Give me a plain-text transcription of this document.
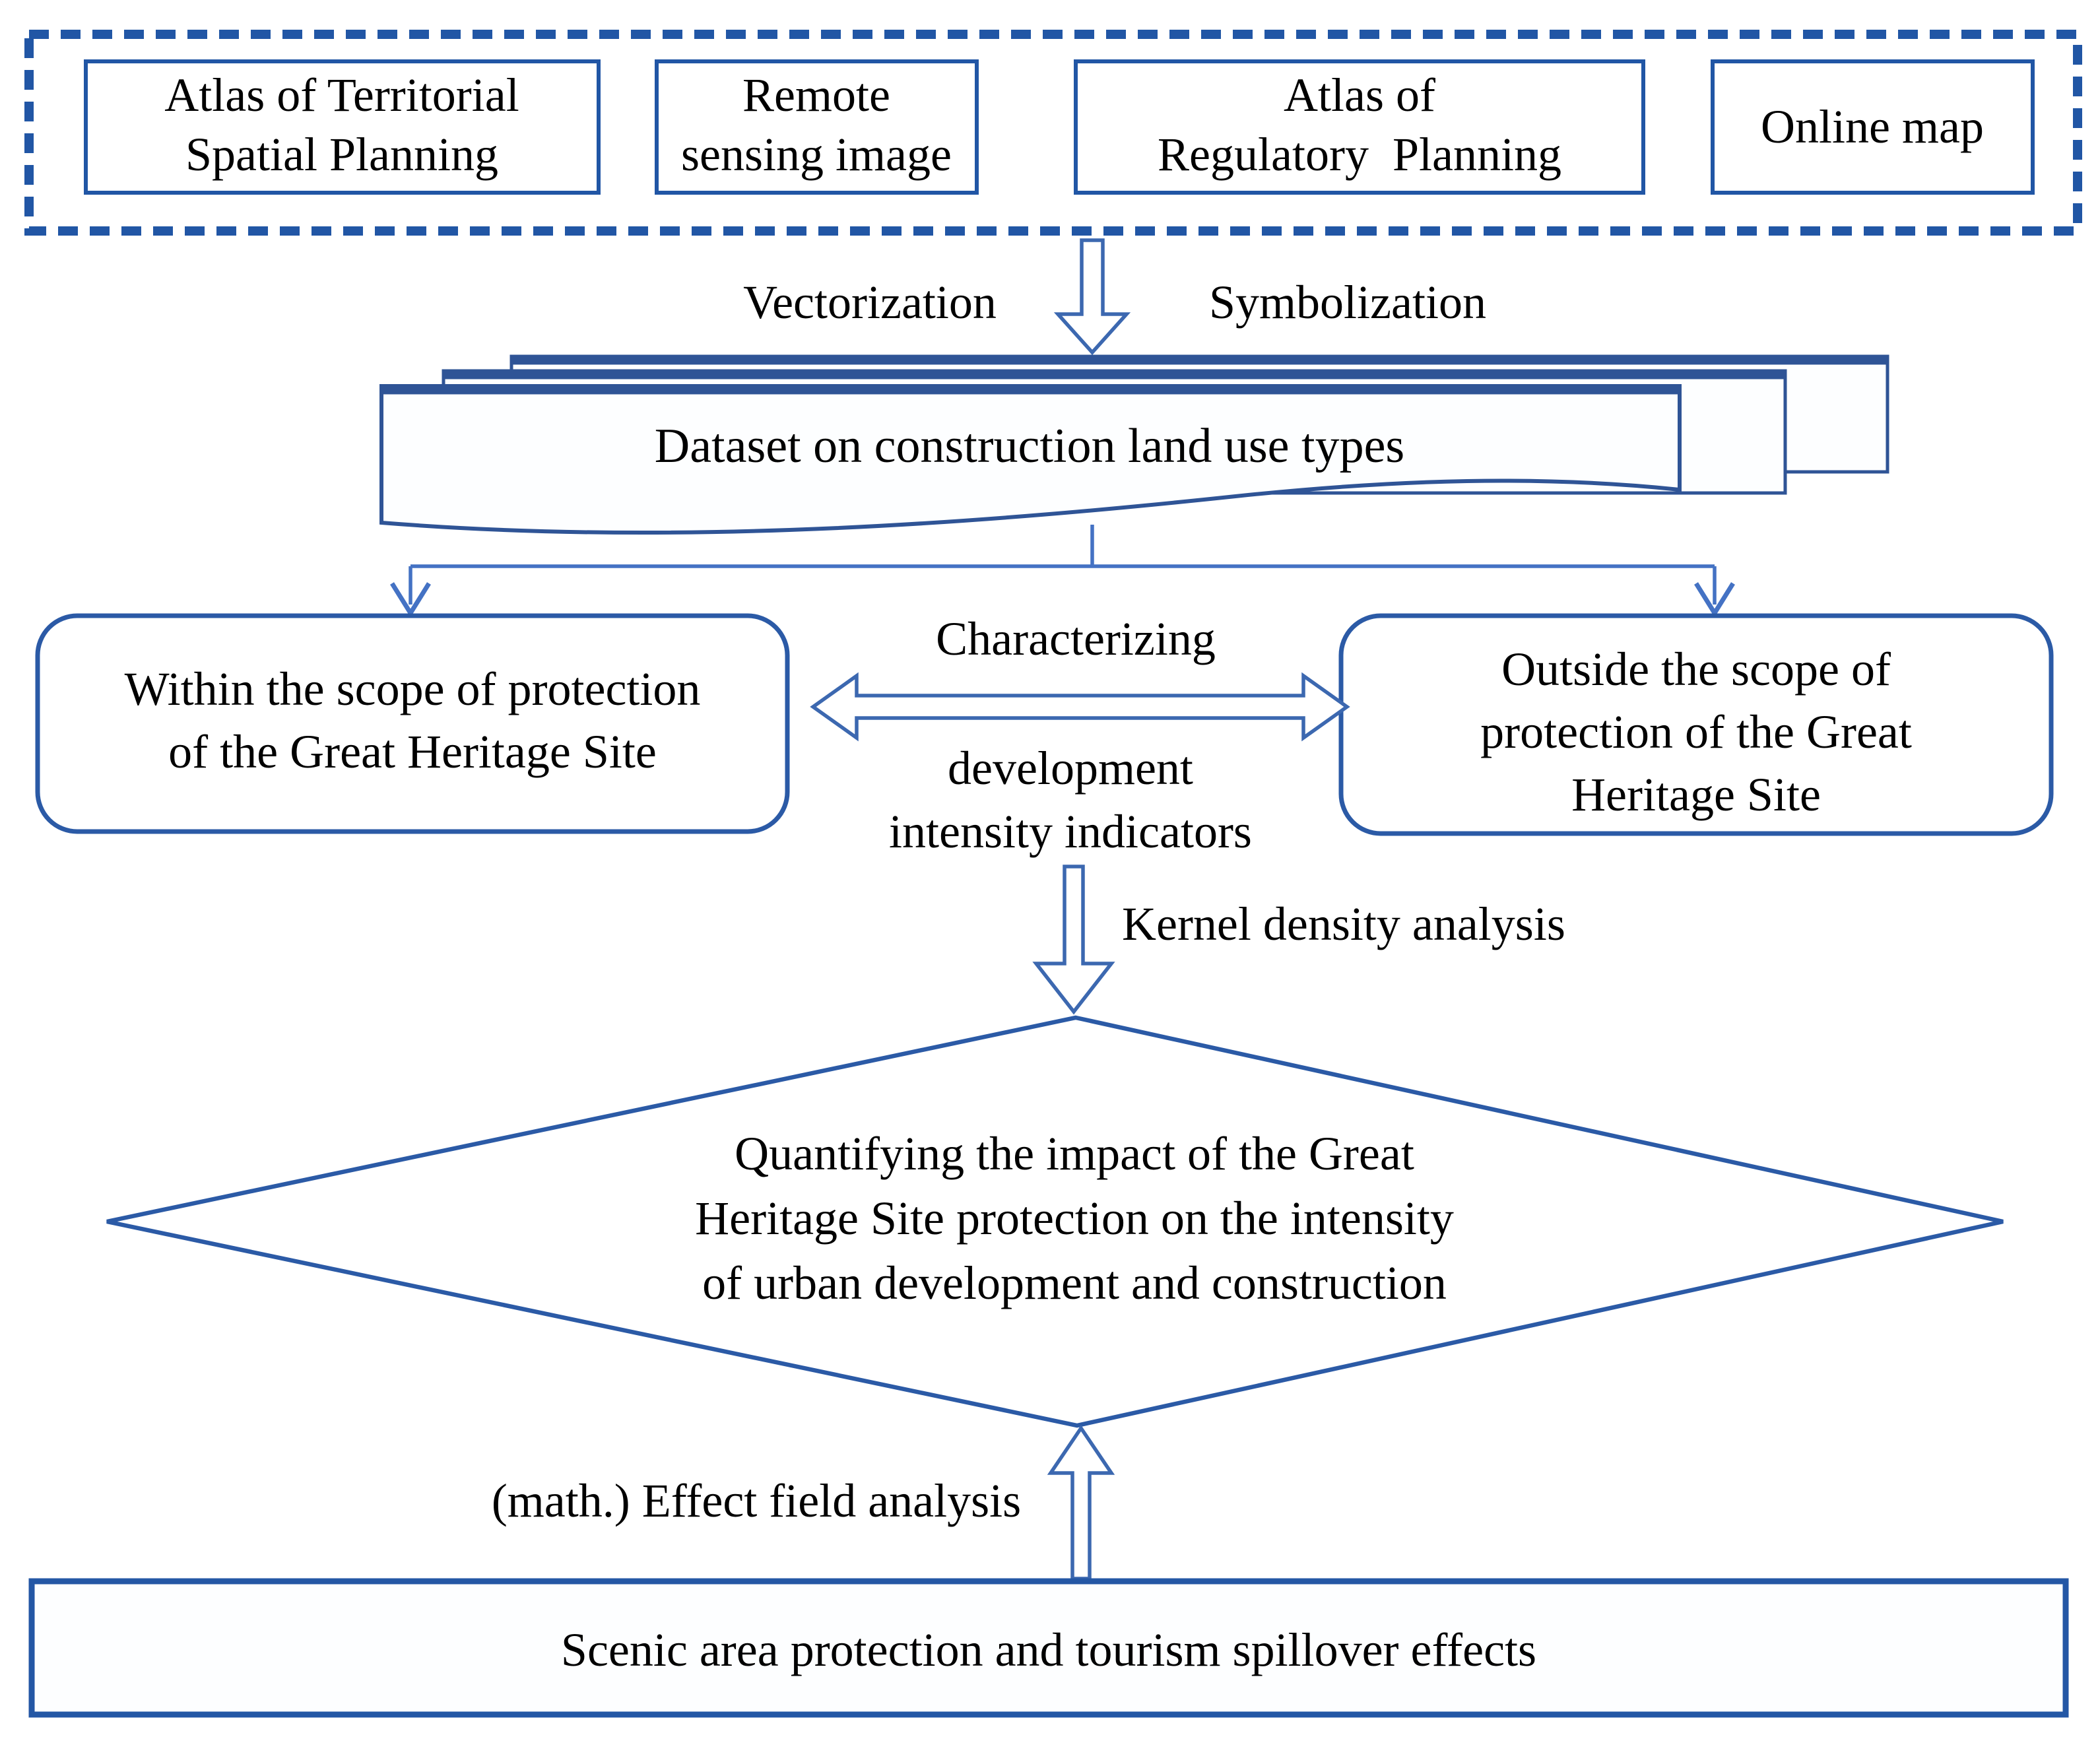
Atlas of Territorial
Spatial Planning
Remote
sensing image
Atlas of
Regulatory  Planning
Online map
Vectorization	Symbolization
Dataset on construction land use types
Within the scope of protection
of the Great Heritage Site
Outside the scope of
protection of the Great
Heritage Site
Characterizing
development
intensity indicators
Kernel density analysis
Quantifying the impact of the Great
Heritage Site protection on the intensity
of urban development and construction
(math.) Effect field analysis
Scenic area protection and tourism spillover effects
